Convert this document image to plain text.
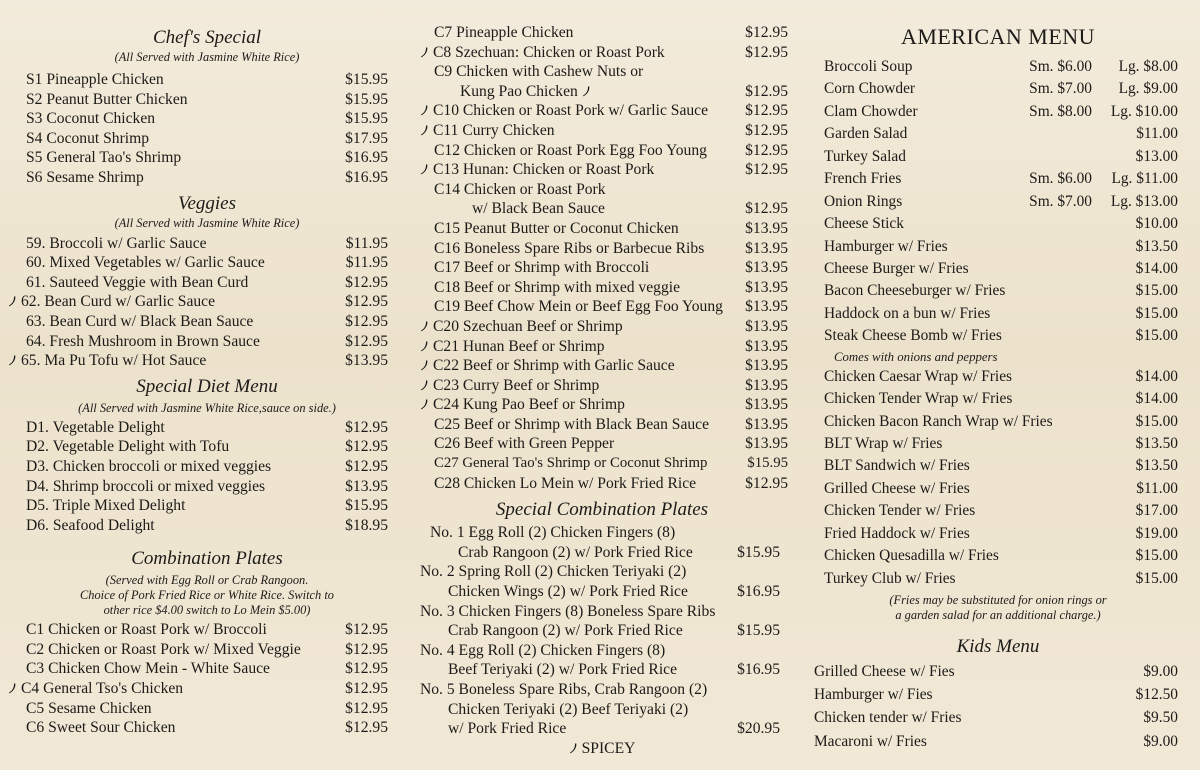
Chef's Special
(All Served with Jasmine White Rice)
S1 Pineapple Chicken	$15.95
S2 Peanut Butter Chicken	$15.95
S3 Coconut Chicken	$15.95
S4 Coconut Shrimp	$17.95
S5 General Tao's Shrimp	$16.95
S6 Sesame Shrimp	$16.95
Veggies
(All Served with Jasmine White Rice)
59. Broccoli w/ Garlic Sauce	$11.95
60. Mixed Vegetables w/ Garlic Sauce	$11.95
61. Sauteed Veggie with Bean Curd	$12.95
62. Bean Curd w/ Garlic Sauce	$12.95
63. Bean Curd w/ Black Bean Sauce	$12.95
64. Fresh Mushroom in Brown Sauce	$12.95
65. Ma Pu Tofu w/ Hot Sauce	$13.95
Special Diet Menu
(All Served with Jasmine White Rice,sauce on side.)
D1. Vegetable Delight	$12.95
D2. Vegetable Delight with Tofu	$12.95
D3. Chicken broccoli or mixed veggies	$12.95
D4. Shrimp broccoli or mixed veggies	$13.95
D5. Triple Mixed Delight	$15.95
D6. Seafood Delight	$18.95
Combination Plates
(Served with Egg Roll or Crab Rangoon.
Choice of Pork Fried Rice or White Rice. Switch to
other rice $4.00 switch to Lo Mein $5.00)
C1 Chicken or Roast Pork w/ Broccoli	$12.95
C2 Chicken or Roast Pork w/ Mixed Veggie	$12.95
C3 Chicken Chow Mein - White Sauce	$12.95
C4 General Tso's Chicken	$12.95
C5 Sesame Chicken	$12.95
C6 Sweet Sour Chicken	$12.95
C7 Pineapple Chicken	$12.95
C8 Szechuan: Chicken or Roast Pork	$12.95
C9 Chicken with Cashew Nuts or
Kung Pao Chicken	$12.95
C10 Chicken or Roast Pork w/ Garlic Sauce	$12.95
C11 Curry Chicken	$12.95
C12 Chicken or Roast Pork Egg Foo Young	$12.95
C13 Hunan: Chicken or Roast Pork	$12.95
C14 Chicken or Roast Pork
w/ Black Bean Sauce	$12.95
C15 Peanut Butter or Coconut Chicken	$13.95
C16 Boneless Spare Ribs or Barbecue Ribs	$13.95
C17 Beef or Shrimp with Broccoli	$13.95
C18 Beef or Shrimp with mixed veggie	$13.95
C19 Beef Chow Mein or Beef Egg Foo Young	$13.95
C20 Szechuan Beef or Shrimp	$13.95
C21 Hunan Beef or Shrimp	$13.95
C22 Beef or Shrimp with Garlic Sauce	$13.95
C23 Curry Beef or Shrimp	$13.95
C24 Kung Pao Beef or Shrimp	$13.95
C25 Beef or Shrimp with Black Bean Sauce	$13.95
C26 Beef with Green Pepper	$13.95
C27 General Tao's Shrimp or Coconut Shrimp	$15.95
C28 Chicken Lo Mein w/ Pork Fried Rice	$12.95
Special Combination Plates
No. 1 Egg Roll (2) Chicken Fingers (8)
Crab Rangoon (2) w/ Pork Fried Rice	$15.95
No. 2 Spring Roll (2) Chicken Teriyaki (2)
Chicken Wings (2) w/ Pork Fried Rice	$16.95
No. 3 Chicken Fingers (8) Boneless Spare Ribs
Crab Rangoon (2) w/ Pork Fried Rice	$15.95
No. 4 Egg Roll (2) Chicken Fingers (8)
Beef Teriyaki (2) w/ Pork Fried Rice	$16.95
No. 5 Boneless Spare Ribs, Crab Rangoon (2)
Chicken Teriyaki (2) Beef Teriyaki (2)
w/ Pork Fried Rice	$20.95
SPICEY
AMERICAN MENU
Broccoli Soup	Sm. $6.00	Lg. $8.00
Corn Chowder	Sm. $7.00	Lg. $9.00
Clam Chowder	Sm. $8.00	Lg. $10.00
Garden Salad	$11.00
Turkey Salad	$13.00
French Fries	Sm. $6.00	Lg. $11.00
Onion Rings	Sm. $7.00	Lg. $13.00
Cheese Stick	$10.00
Hamburger w/ Fries	$13.50
Cheese Burger w/ Fries	$14.00
Bacon Cheeseburger w/ Fries	$15.00
Haddock on a bun w/ Fries	$15.00
Steak Cheese Bomb w/ Fries	$15.00
Comes with onions and peppers
Chicken Caesar Wrap w/ Fries	$14.00
Chicken Tender Wrap w/ Fries	$14.00
Chicken Bacon Ranch Wrap w/ Fries	$15.00
BLT Wrap w/ Fries	$13.50
BLT Sandwich w/ Fries	$13.50
Grilled Cheese w/ Fries	$11.00
Chicken Tender w/ Fries	$17.00
Fried Haddock w/ Fries	$19.00
Chicken Quesadilla w/ Fries	$15.00
Turkey Club w/ Fries	$15.00
(Fries may be substituted for onion rings or
a garden salad for an additional charge.)
Kids Menu
Grilled Cheese w/ Fies	$9.00
Hamburger w/ Fies	$12.50
Chicken tender w/ Fries	$9.50
Macaroni w/ Fries	$9.00
